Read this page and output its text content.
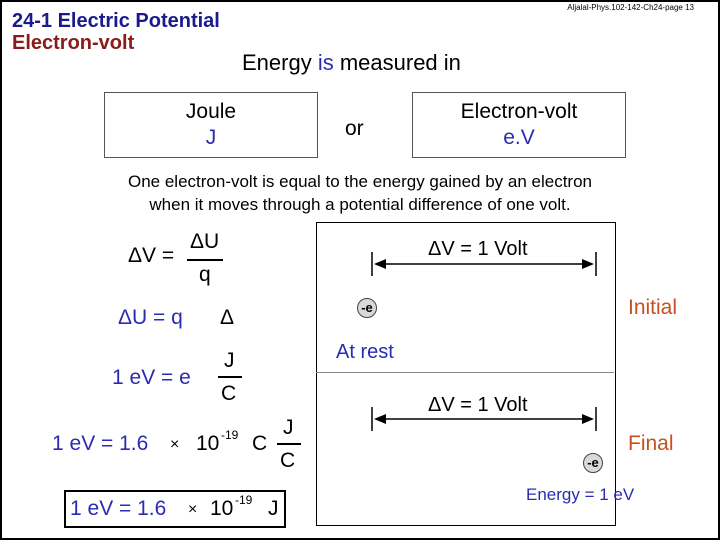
24-1 Electric Potential
Electron-volt
Aljalal-Phys.102-142-Ch24-page 13
Energy is measured in
Joule
J	or
Electron-volt
e.V
One electron-volt is equal to the energy gained by an electron
when it moves through a potential difference of one volt.
ΔV =
ΔU
q
ΔU = q Δ
1 eV = e
J
C
1 eV = 1.6 × 10 -19 C
J
C
1 eV = 1.6 × 10 -19 J
ΔV = 1 Volt
-e	Initial
At rest
ΔV = 1 Volt
-e
Final
Energy = 1 eV
